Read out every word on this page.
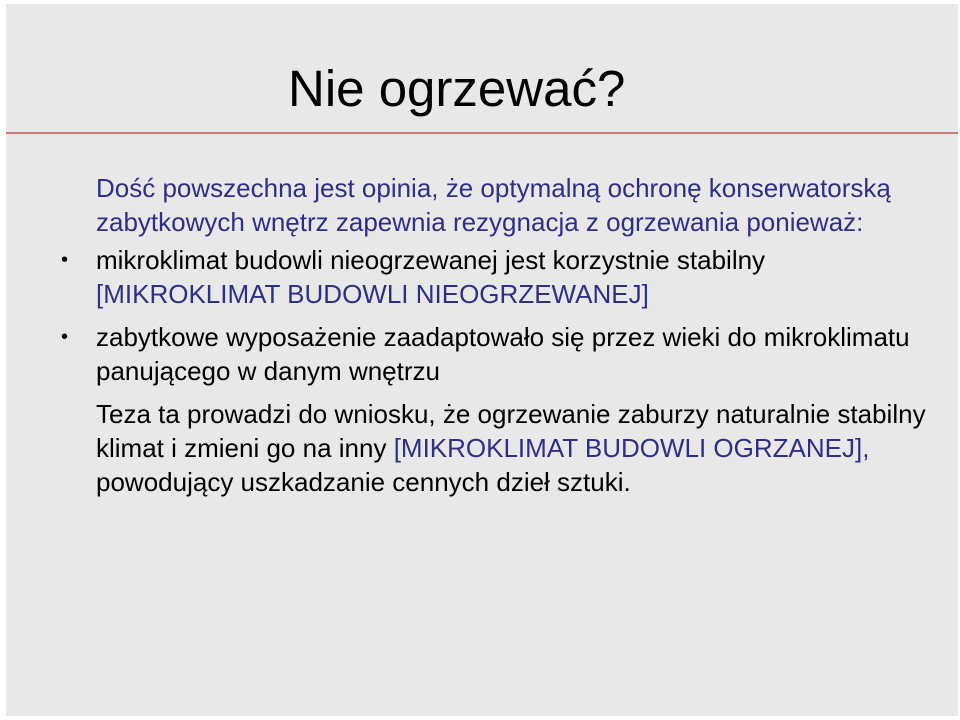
Nie ogrzewać?

Dość powszechna jest opinia, że optymalną ochronę konserwatorską zabytkowych wnętrz zapewnia rezygnacja z ogrzewania ponieważ:

• mikroklimat budowli nieogrzewanej jest korzystnie stabilny [MIKROKLIMAT BUDOWLI NIEOGRZEWANEJ]

• zabytkowe wyposażenie zaadaptowało się przez wieki do mikroklimatu panującego w danym wnętrzu

Teza ta prowadzi do wniosku, że ogrzewanie zaburzy naturalnie stabilny klimat i zmieni go na inny [MIKROKLIMAT BUDOWLI OGRZANEJ], powodujący uszkadzanie cennych dzieł sztuki.
